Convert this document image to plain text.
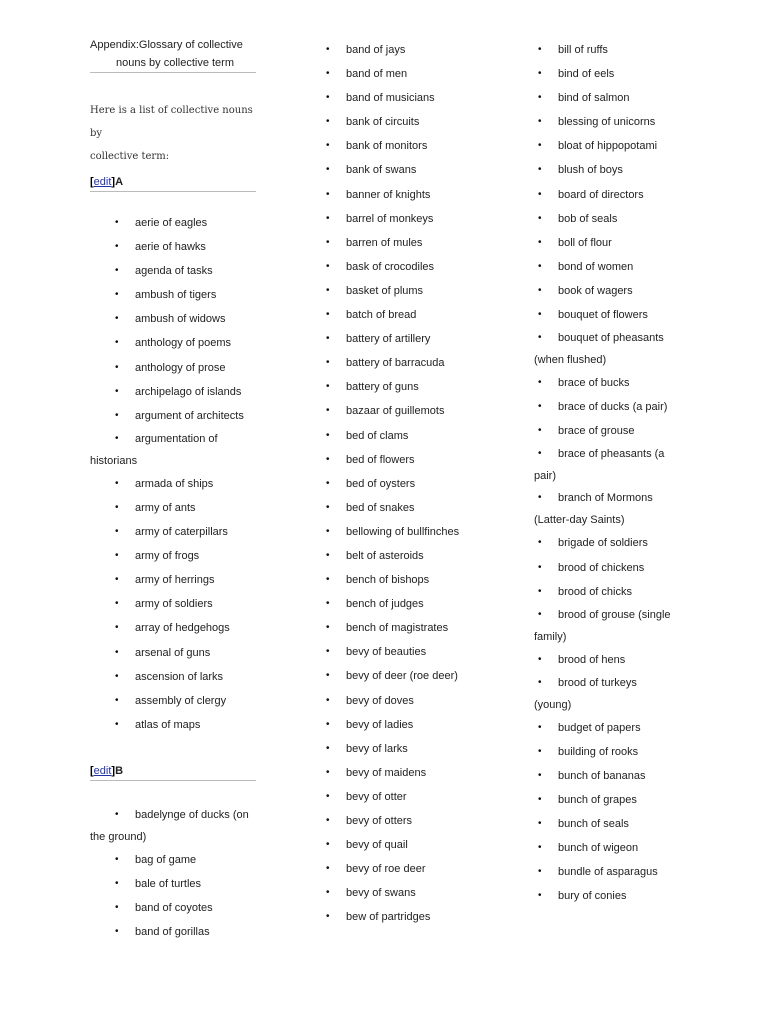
Appendix:Glossary of collective
nouns by collective term
Here is a list of collective nouns by
collective term:
[edit]A
• aerie of eagles
• aerie of hawks
• agenda of tasks
• ambush of tigers
• ambush of widows
• anthology of poems
• anthology of prose
• archipelago of islands
• argument of architects
• argumentation of
historians
• armada of ships
• army of ants
• army of caterpillars
• army of frogs
• army of herrings
• army of soldiers
• array of hedgehogs
• arsenal of guns
• ascension of larks
• assembly of clergy
• atlas of maps
[edit]B
• badelynge of ducks (on
the ground)
• bag of game
• bale of turtles
• band of coyotes
• band of gorillas
• band of jays
• band of men
• band of musicians
• bank of circuits
• bank of monitors
• bank of swans
• banner of knights
• barrel of monkeys
• barren of mules
• bask of crocodiles
• basket of plums
• batch of bread
• battery of artillery
• battery of barracuda
• battery of guns
• bazaar of guillemots
• bed of clams
• bed of flowers
• bed of oysters
• bed of snakes
• bellowing of bullfinches
• belt of asteroids
• bench of bishops
• bench of judges
• bench of magistrates
• bevy of beauties
• bevy of deer (roe deer)
• bevy of doves
• bevy of ladies
• bevy of larks
• bevy of maidens
• bevy of otter
• bevy of otters
• bevy of quail
• bevy of roe deer
• bevy of swans
• bew of partridges
• bill of ruffs
• bind of eels
• bind of salmon
• blessing of unicorns
• bloat of hippopotami
• blush of boys
• board of directors
• bob of seals
• boll of flour
• bond of women
• book of wagers
• bouquet of flowers
• bouquet of pheasants
(when flushed)
• brace of bucks
• brace of ducks (a pair)
• brace of grouse
• brace of pheasants (a
pair)
• branch of Mormons
(Latter-day Saints)
• brigade of soldiers
• brood of chickens
• brood of chicks
• brood of grouse (single
family)
• brood of hens
• brood of turkeys
(young)
• budget of papers
• building of rooks
• bunch of bananas
• bunch of grapes
• bunch of seals
• bunch of wigeon
• bundle of asparagus
• bury of conies
